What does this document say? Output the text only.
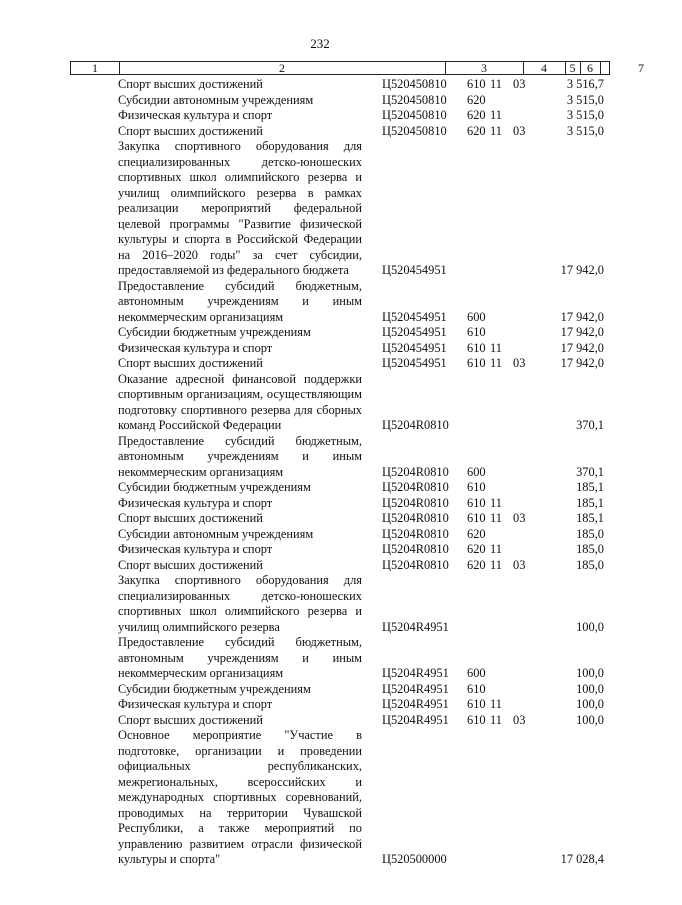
232
1	2	3	4	5 6	7
Спорт высших достижений	Ц520450810 610 11 03	3 516,7
Субсидии автономным учреждениям	Ц520450810 620	3 515,0
Физическая культура и спорт	Ц520450810 620 11	3 515,0
Спорт высших достижений	Ц520450810 620 11 03	3 515,0
Закупка спортивного оборудования для специализированных детско-юношеских спортивных школ олимпийского резерва и училищ олимпийского резерва в рамках реализации мероприятий федеральной целевой программы "Развитие физической культуры и спорта в Российской Федерации на 2016–2020 годы" за счет субсидии, предоставляемой из федерального бюджета	Ц520454951	17 942,0
Предоставление субсидий бюджетным, автономным учреждениям и иным некоммерческим организациям	Ц520454951 600	17 942,0
Субсидии бюджетным учреждениям	Ц520454951 610	17 942,0
Физическая культура и спорт	Ц520454951 610 11	17 942,0
Спорт высших достижений	Ц520454951 610 11 03	17 942,0
Оказание адресной финансовой поддержки спортивным организациям, осуществляющим подготовку спортивного резерва для сборных команд Российской Федерации	Ц5204R0810	370,1
Предоставление субсидий бюджетным, автономным учреждениям и иным некоммерческим организациям	Ц5204R0810 600	370,1
Субсидии бюджетным учреждениям	Ц5204R0810 610	185,1
Физическая культура и спорт	Ц5204R0810 610 11	185,1
Спорт высших достижений	Ц5204R0810 610 11 03	185,1
Субсидии автономным учреждениям	Ц5204R0810 620	185,0
Физическая культура и спорт	Ц5204R0810 620 11	185,0
Спорт высших достижений	Ц5204R0810 620 11 03	185,0
Закупка спортивного оборудования для специализированных детско-юношеских спортивных школ олимпийского резерва и училищ олимпийского резерва	Ц5204R4951	100,0
Предоставление субсидий бюджетным, автономным учреждениям и иным некоммерческим организациям	Ц5204R4951 600	100,0
Субсидии бюджетным учреждениям	Ц5204R4951 610	100,0
Физическая культура и спорт	Ц5204R4951 610 11	100,0
Спорт высших достижений	Ц5204R4951 610 11 03	100,0
Основное мероприятие "Участие в подготовке, организации и проведении официальных республиканских, межрегиональных, всероссийских и международных спортивных соревнований, проводимых на территории Чувашской Республики, а также мероприятий по управлению развитием отрасли физической культуры и спорта"	Ц520500000	17 028,4
